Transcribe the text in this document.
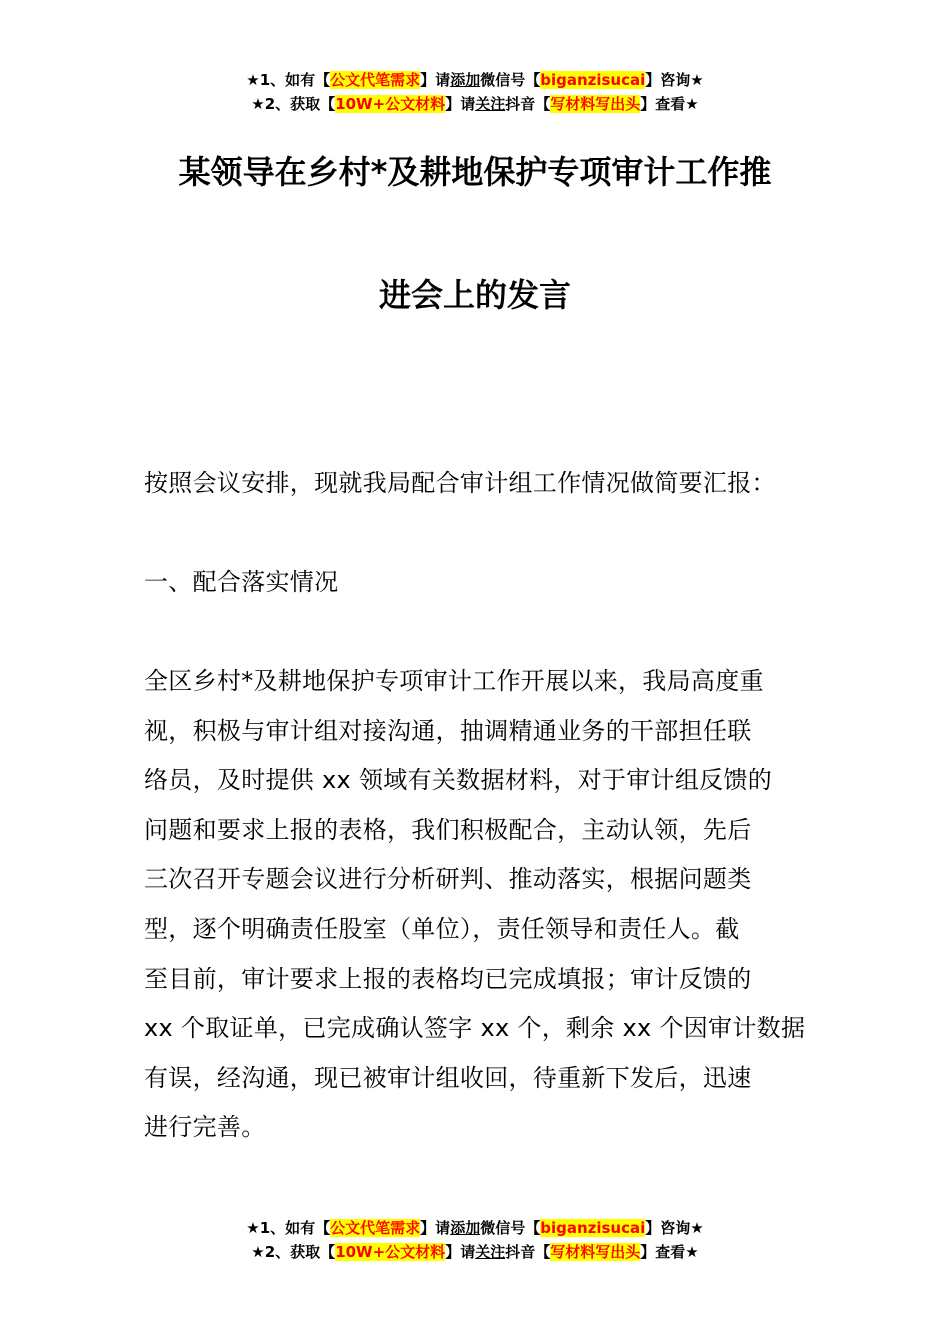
★1、如有【公文代笔需求】请添加微信号【biganzisucai】咨询★
★2、获取【10W+公文材料】请关注抖音【写材料写出头】查看★
某领导在乡村*及耕地保护专项审计工作推
进会上的发言
按照会议安排，现就我局配合审计组工作情况做简要汇报：
一、配合落实情况
全区乡村*及耕地保护专项审计工作开展以来，我局高度重
视，积极与审计组对接沟通，抽调精通业务的干部担任联
络员，及时提供 xx 领域有关数据材料，对于审计组反馈的
问题和要求上报的表格，我们积极配合，主动认领，先后
三次召开专题会议进行分析研判、推动落实，根据问题类
型，逐个明确责任股室（单位），责任领导和责任人。截
至目前，审计要求上报的表格均已完成填报；审计反馈的
xx 个取证单，已完成确认签字 xx 个，剩余 xx 个因审计数据
有误，经沟通，现已被审计组收回，待重新下发后，迅速
进行完善。
★1、如有【公文代笔需求】请添加微信号【biganzisucai】咨询★
★2、获取【10W+公文材料】请关注抖音【写材料写出头】查看★
